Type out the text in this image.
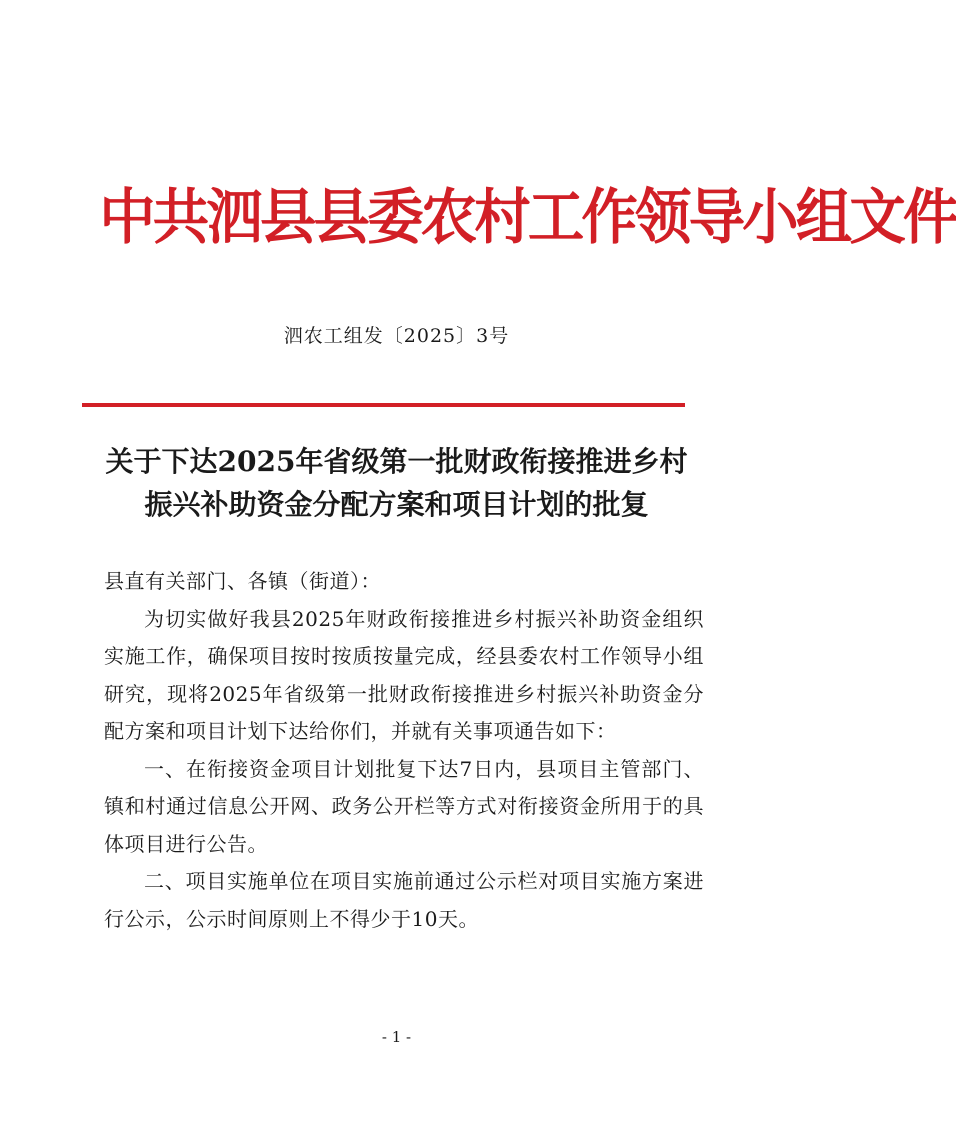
中共泗县县委农村工作领导小组文件
泗农工组发〔2025〕3号
关于下达2025年省级第一批财政衔接推进乡村
振兴补助资金分配方案和项目计划的批复
县直有关部门、各镇（街道）：

为切实做好我县2025年财政衔接推进乡村振兴补助资金组织实施工作，确保项目按时按质按量完成，经县委农村工作领导小组研究，现将2025年省级第一批财政衔接推进乡村振兴补助资金分配方案和项目计划下达给你们，并就有关事项通告如下：

一、在衔接资金项目计划批复下达7日内，县项目主管部门、镇和村通过信息公开网、政务公开栏等方式对衔接资金所用于的具体项目进行公告。

二、项目实施单位在项目实施前通过公示栏对项目实施方案进行公示，公示时间原则上不得少于10天。

- 1 -
